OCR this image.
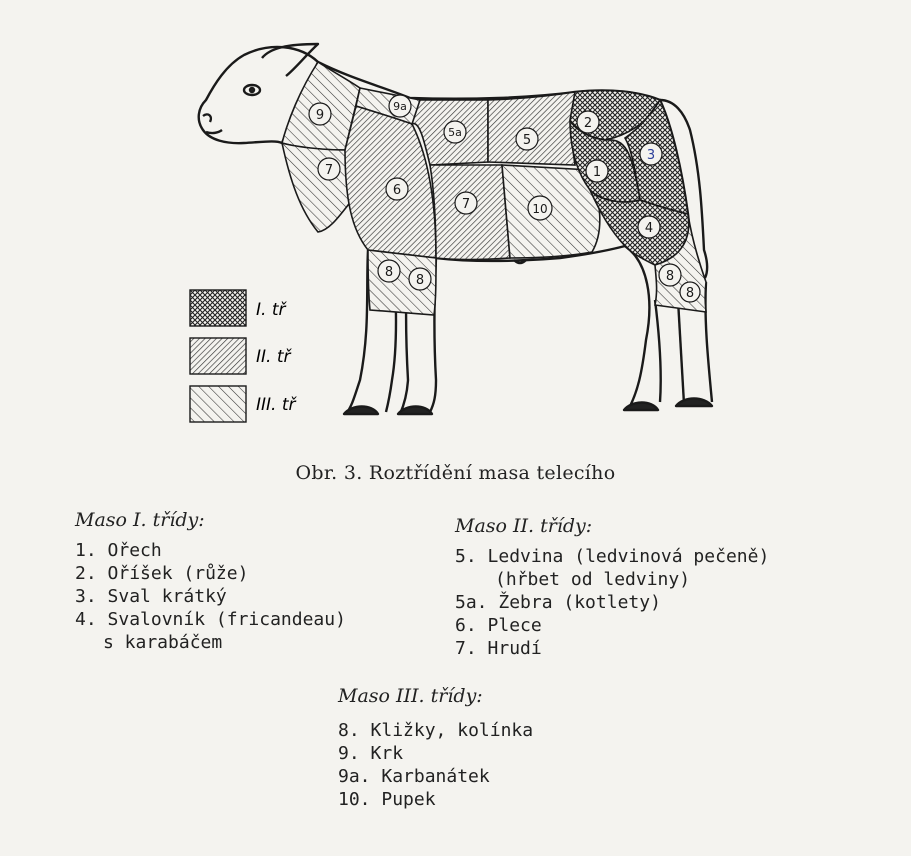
9
9a
5a
5
2
3
1
7
6
7	10
4
8
8	8
8
I. tř
II. tř
III. tř
Obr. 3. Roztřídění masa telecího
Maso I. třídy:
1. Ořech
2. Oříšek (růže)
3. Sval krátký
4. Svalovník (fricandeau)
s karabáčem
Maso II. třídy:
5. Ledvina (ledvinová pečeně)
(hřbet od ledviny)
5a. Žebra (kotlety)
6. Plece
7. Hrudí
Maso III. třídy:
8. Kližky, kolínka
9. Krk
9a. Karbanátek
10. Pupek
